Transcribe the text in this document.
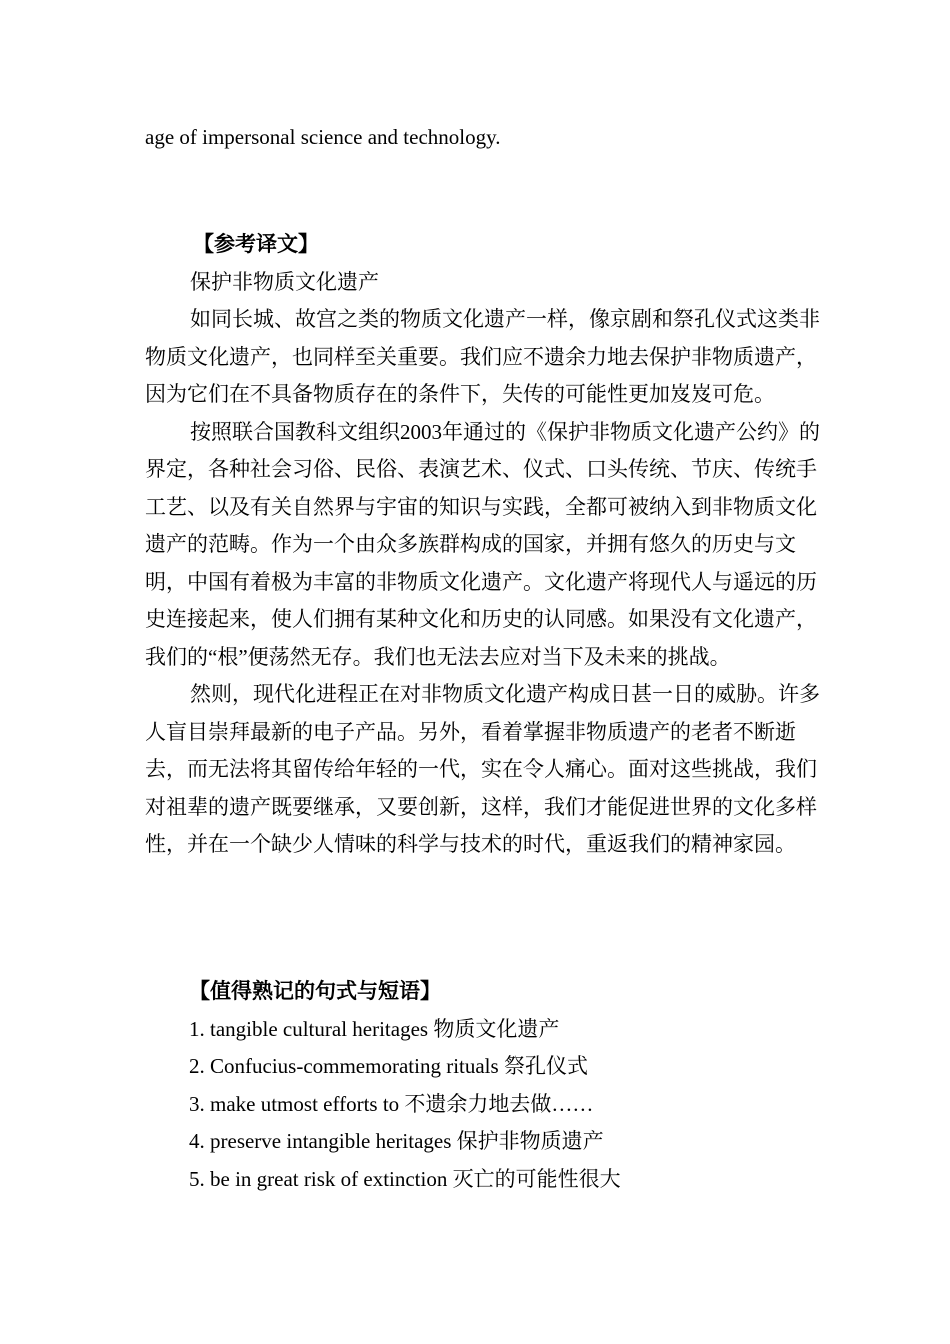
age of impersonal science and technology.
【参考译文】
保护非物质文化遗产

如同长城、故宫之类的物质文化遗产一样，像京剧和祭孔仪式这类非物质文化遗产，也同样至关重要。我们应不遗余力地去保护非物质遗产，因为它们在不具备物质存在的条件下，失传的可能性更加岌岌可危。

按照联合国教科文组织2003年通过的《保护非物质文化遗产公约》的界定，各种社会习俗、民俗、表演艺术、仪式、口头传统、节庆、传统手工艺、以及有关自然界与宇宙的知识与实践，全都可被纳入到非物质文化遗产的范畴。作为一个由众多族群构成的国家，并拥有悠久的历史与文明，中国有着极为丰富的非物质文化遗产。文化遗产将现代人与遥远的历史连接起来，使人们拥有某种文化和历史的认同感。如果没有文化遗产，我们的“根”便荡然无存。我们也无法去应对当下及未来的挑战。

然则，现代化进程正在对非物质文化遗产构成日甚一日的威胁。许多人盲目崇拜最新的电子产品。另外，看着掌握非物质遗产的老者不断逝去，而无法将其留传给年轻的一代，实在令人痛心。面对这些挑战，我们对祖辈的遗产既要继承，又要创新，这样，我们才能促进世界的文化多样性，并在一个缺少人情味的科学与技术的时代，重返我们的精神家园。

【值得熟记的句式与短语】
1. tangible cultural heritages 物质文化遗产
2. Confucius-commemorating rituals 祭孔仪式
3. make utmost efforts to 不遗余力地去做……
4. preserve intangible heritages 保护非物质遗产
5. be in great risk of extinction 灭亡的可能性很大
